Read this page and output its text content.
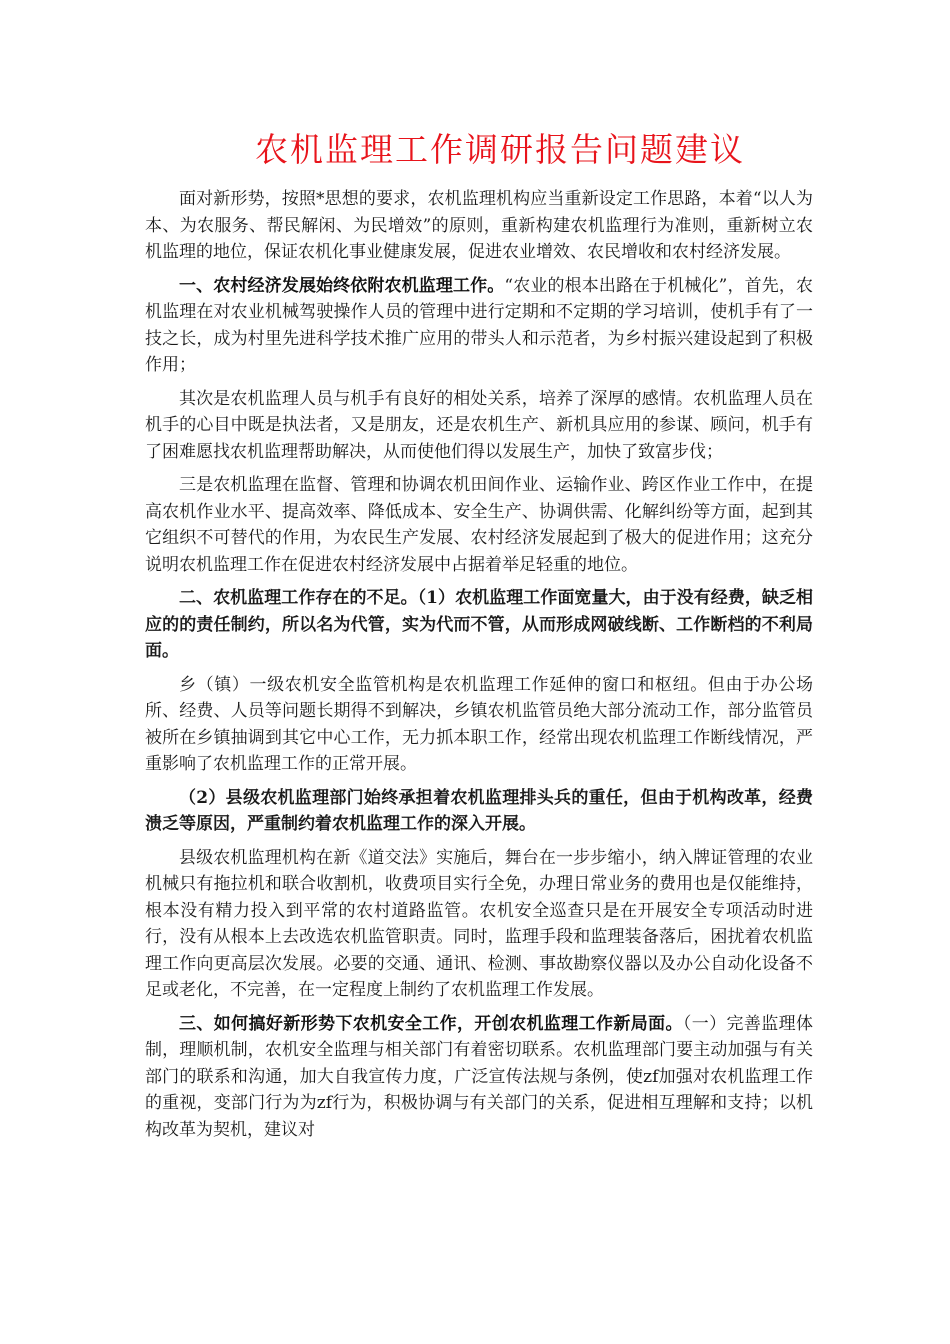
农机监理工作调研报告问题建议

面对新形势，按照*思想的要求，农机监理机构应当重新设定工作思路，本着“以人为本、为农服务、帮民解闲、为民增效”的原则，重新构建农机监理行为准则，重新树立农机监理的地位，保证农机化事业健康发展，促进农业增效、农民增收和农村经济发展。

一、农村经济发展始终依附农机监理工作。“农业的根本出路在于机械化”，首先，农机监理在对农业机械驾驶操作人员的管理中进行定期和不定期的学习培训，使机手有了一技之长，成为村里先进科学技术推广应用的带头人和示范者，为乡村振兴建设起到了积极作用；

其次是农机监理人员与机手有良好的相处关系，培养了深厚的感情。农机监理人员在机手的心目中既是执法者，又是朋友，还是农机生产、新机具应用的参谋、顾问，机手有了困难愿找农机监理帮助解决，从而使他们得以发展生产，加快了致富步伐；

三是农机监理在监督、管理和协调农机田间作业、运输作业、跨区作业工作中，在提高农机作业水平、提高效率、降低成本、安全生产、协调供需、化解纠纷等方面，起到其它组织不可替代的作用，为农民生产发展、农村经济发展起到了极大的促进作用；这充分说明农机监理工作在促进农村经济发展中占据着举足轻重的地位。

二、农机监理工作存在的不足。（1）农机监理工作面宽量大，由于没有经费，缺乏相应的的责任制约，所以名为代管，实为代而不管，从而形成网破线断、工作断档的不利局面。

乡（镇）一级农机安全监管机构是农机监理工作延伸的窗口和枢纽。但由于办公场所、经费、人员等问题长期得不到解决，乡镇农机监管员绝大部分流动工作，部分监管员被所在乡镇抽调到其它中心工作，无力抓本职工作，经常出现农机监理工作断线情况，严重影响了农机监理工作的正常开展。

（2）县级农机监理部门始终承担着农机监理排头兵的重任，但由于机构改革，经费溃乏等原因，严重制约着农机监理工作的深入开展。

县级农机监理机构在新《道交法》实施后，舞台在一步步缩小，纳入牌证管理的农业机械只有拖拉机和联合收割机，收费项目实行全免，办理日常业务的费用也是仅能维持，根本没有精力投入到平常的农村道路监管。农机安全巡查只是在开展安全专项活动时进行，没有从根本上去改选农机监管职责。同时，监理手段和监理装备落后，困扰着农机监理工作向更高层次发展。必要的交通、通讯、检测、事故勘察仪器以及办公自动化设备不足或老化，不完善，在一定程度上制约了农机监理工作发展。

三、如何搞好新形势下农机安全工作，开创农机监理工作新局面。（一）完善监理体制，理顺机制，农机安全监理与相关部门有着密切联系。农机监理部门要主动加强与有关部门的联系和沟通，加大自我宣传力度，广泛宣传法规与条例，使zf加强对农机监理工作的重视，变部门行为为zf行为，积极协调与有关部门的关系，促进相互理解和支持；以机构改革为契机，建议对
